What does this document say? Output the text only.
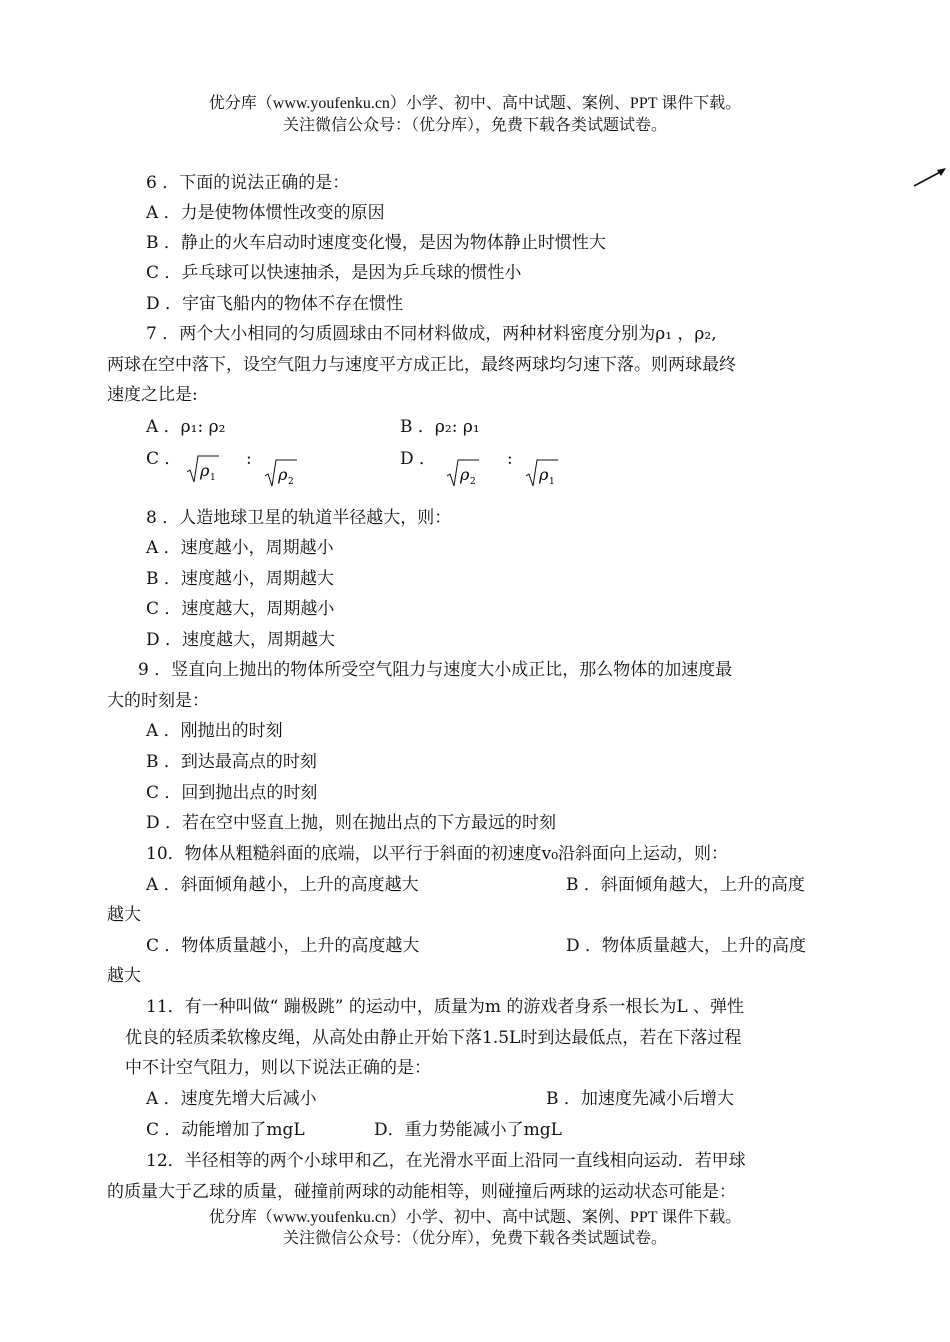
优分库（www.youfenku.cn）小学、初中、高中试题、案例、PPT 课件下载。
关注微信公众号：（优分库），免费下载各类试题试卷。
6 ．下面的说法正确的是：
A ．力是使物体惯性改变的原因
B ．静止的火车启动时速度变化慢，是因为物体静止时惯性大
C ．乒乓球可以快速抽杀，是因为乒乓球的惯性小
D ．宇宙飞船内的物体不存在惯性
7 ．两个大小相同的匀质圆球由不同材料做成，两种材料密度分别为ρ₁ ，ρ₂,
两球在空中落下，设空气阻力与速度平方成正比，最终两球均匀速下落。则两球最终
速度之比是:
A ．ρ₁: ρ₂	B ．ρ₂: ρ₁
C ．
ρ 1
:
ρ 2
D ．
ρ 2
:
ρ 1
8 ．人造地球卫星的轨道半径越大，则：
A ．速度越小，周期越小
B ．速度越小，周期越大
C ．速度越大，周期越小
D ．速度越大，周期越大
9 ．竖直向上抛出的物体所受空气阻力与速度大小成正比，那么物体的加速度最
大的时刻是：
A ．刚抛出的时刻
B ．到达最高点的时刻
C ．回到抛出点的时刻
D ．若在空中竖直上抛，则在抛出点的下方最远的时刻
10．物体从粗糙斜面的底端，以平行于斜面的初速度v₀沿斜面向上运动，则：
A ．斜面倾角越小，上升的高度越大	B ．斜面倾角越大，上升的高度
越大
C ．物体质量越小，上升的高度越大	D ．物体质量越大，上升的高度
越大
11．有一种叫做“ 蹦极跳” 的运动中，质量为m 的游戏者身系一根长为L 、弹性
优良的轻质柔软橡皮绳，从高处由静止开始下落1.5L时到达最低点，若在下落过程
中不计空气阻力，则以下说法正确的是：
A ．速度先增大后减小	B ．加速度先减小后增大
C ．动能增加了mgL	D．重力势能减小了mgL
12．半径相等的两个小球甲和乙，在光滑水平面上沿同一直线相向运动．若甲球
的质量大于乙球的质量，碰撞前两球的动能相等，则碰撞后两球的运动状态可能是：
优分库（www.youfenku.cn）小学、初中、高中试题、案例、PPT 课件下载。
关注微信公众号：（优分库），免费下载各类试题试卷。
